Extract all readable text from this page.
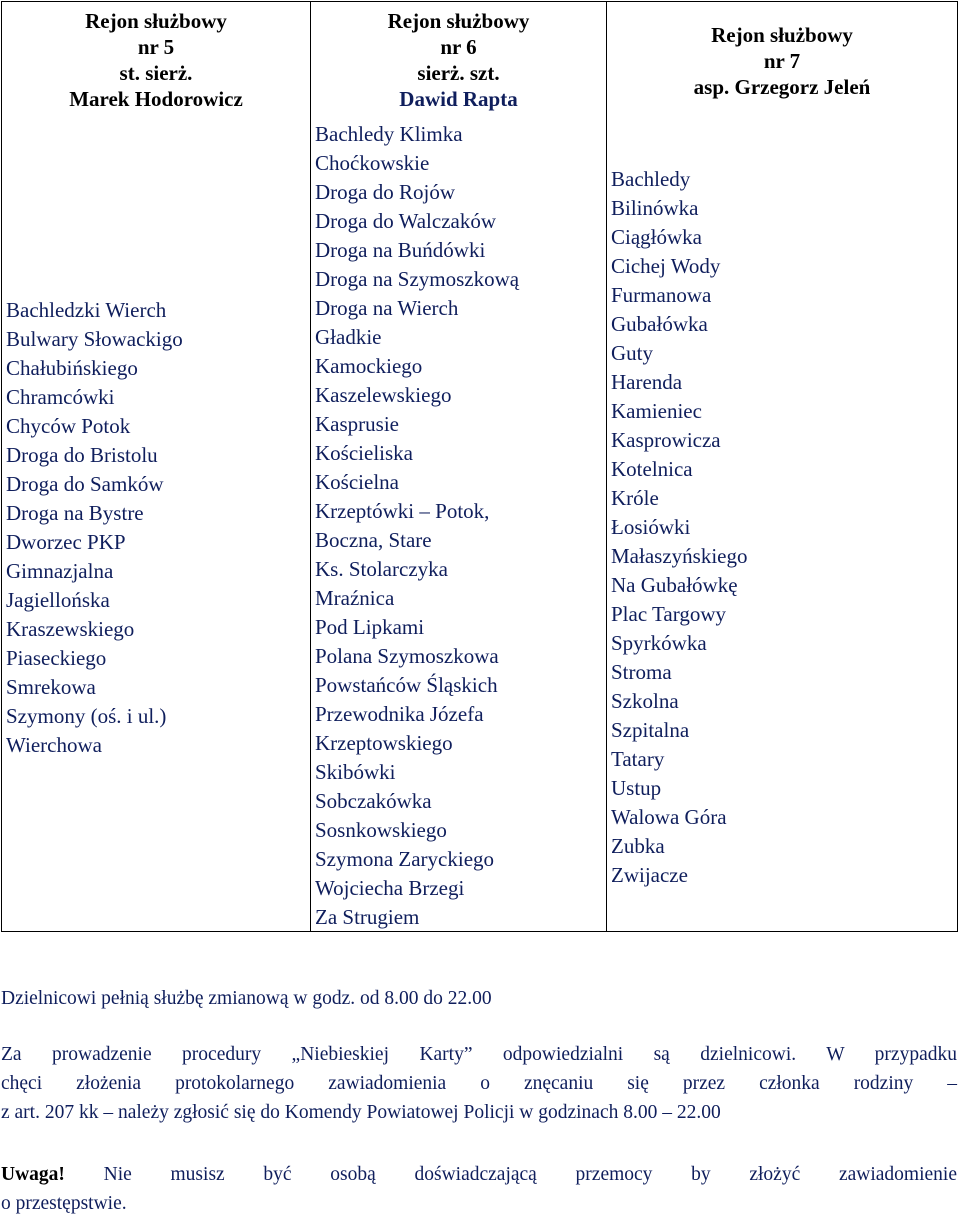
Rejon służbowy
nr 5
st. sierż.
Marek Hodorowicz
Bachledzki Wierch
Bulwary Słowackigo
Chałubińskiego
Chramcówki
Chyców Potok
Droga do Bristolu
Droga do Samków
Droga na Bystre
Dworzec PKP
Gimnazjalna
Jagiellońska
Kraszewskiego
Piaseckiego
Smrekowa
Szymony (oś. i ul.)
Wierchowa

Rejon służbowy
nr 6
sierż. szt.
Dawid Rapta
Bachledy Klimka
Choćkowskie
Droga do Rojów
Droga do Walczaków
Droga na Buńdówki
Droga na Szymoszkową
Droga na Wierch
Gładkie
Kamockiego
Kaszelewskiego
Kasprusie
Kościeliska
Kościelna
Krzeptówki – Potok,
Boczna, Stare
Ks. Stolarczyka
Mraźnica
Pod Lipkami
Polana Szymoszkowa
Powstańców Śląskich
Przewodnika Józefa
Krzeptowskiego
Skibówki
Sobczakówka
Sosnkowskiego
Szymona Zaryckiego
Wojciecha Brzegi
Za Strugiem

Rejon służbowy
nr 7
asp. Grzegorz Jeleń
Bachledy
Bilinówka
Ciągłówka
Cichej Wody
Furmanowa
Gubałówka
Guty
Harenda
Kamieniec
Kasprowicza
Kotelnica
Króle
Łosiówki
Małaszyńskiego
Na Gubałówkę
Plac Targowy
Spyrkówka
Stroma
Szkolna
Szpitalna
Tatary
Ustup
Walowa Góra
Zubka
Zwijacze
Dzielnicowi pełnią służbę zmianową w godz. od 8.00 do 22.00
Za prowadzenie procedury „Niebieskiej Karty” odpowiedzialni są dzielnicowi. W przypadku
chęci złożenia protokolarnego zawiadomienia o znęcaniu się przez członka rodziny –
z art. 207 kk – należy zgłosić się do Komendy Powiatowej Policji w godzinach 8.00 – 22.00
Uwaga! Nie musisz być osobą doświadczającą przemocy by złożyć zawiadomienie
o przestępstwie.
